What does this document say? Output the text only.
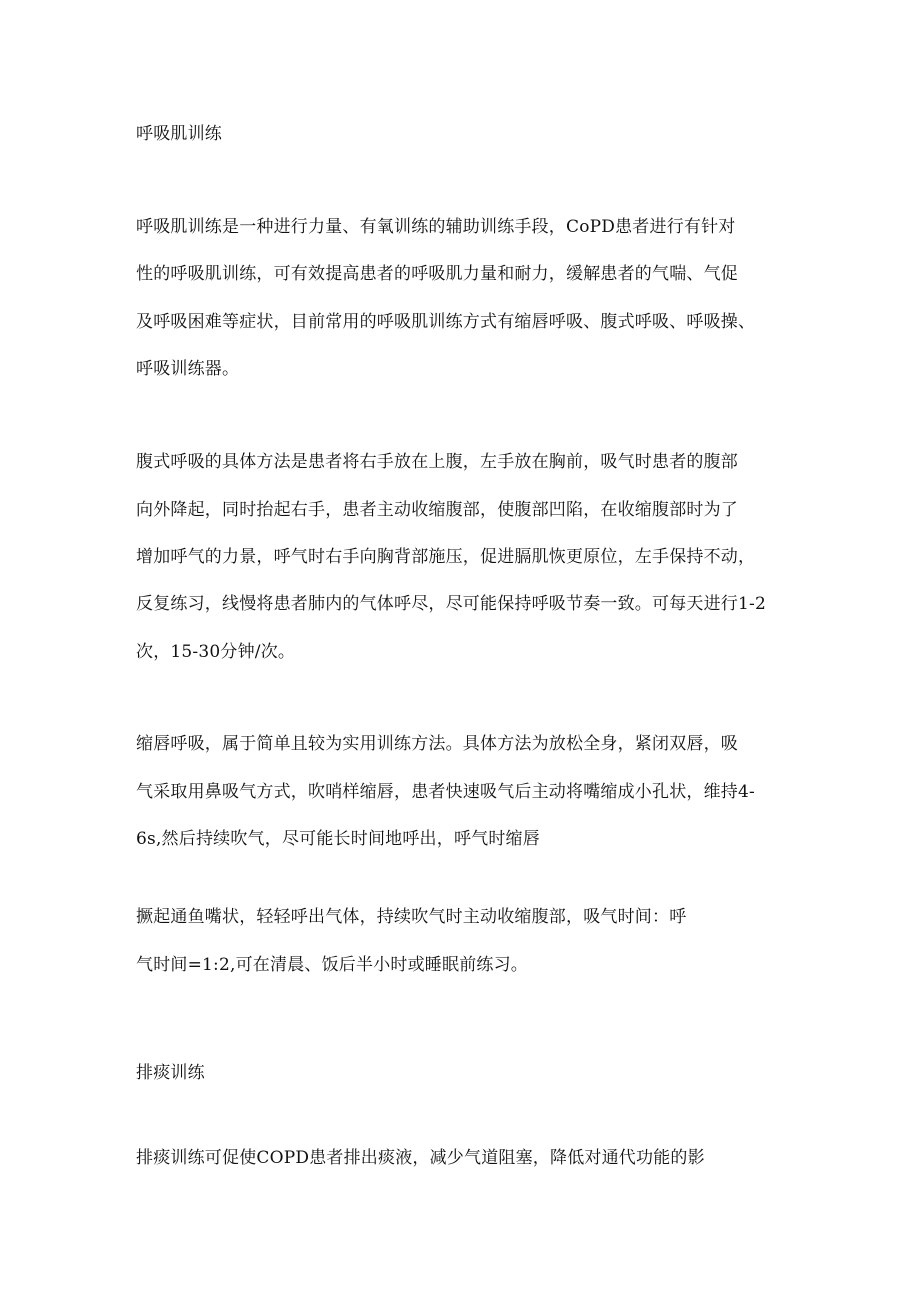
呼吸肌训练
呼吸肌训练是一种进行力量、有氧训练的辅助训练手段，CoPD患者进行有针对
性的呼吸肌训练，可有效提高患者的呼吸肌力量和耐力，缓解患者的气喘、气促
及呼吸困难等症状，目前常用的呼吸肌训练方式有缩唇呼吸、腹式呼吸、呼吸操、
呼吸训练器。
腹式呼吸的具体方法是患者将右手放在上腹，左手放在胸前，吸气时患者的腹部
向外降起，同时抬起右手，患者主动收缩腹部，使腹部凹陷，在收缩腹部时为了
增加呼气的力景，呼气时右手向胸背部施压，促进膈肌恢更原位，左手保持不动，
反复练习，线慢将患者肺内的气体呼尽，尽可能保持呼吸节奏一致。可每天进行1-2
次，15-30分钟/次。
缩唇呼吸，属于简单且较为实用训练方法。具体方法为放松全身，紧闭双唇，吸
气采取用鼻吸气方式，吹哨样缩唇，患者快速吸气后主动将嘴缩成小孔状，维持4-
6s,然后持续吹气，尽可能长时间地呼出，呼气时缩唇
撅起通鱼嘴状，轻轻呼出气体，持续吹气时主动收缩腹部，吸气时间：呼
气时间=1:2,可在清晨、饭后半小时或睡眠前练习。
排痰训练
排痰训练可促使COPD患者排出痰液，减少气道阻塞，降低对通代功能的影
